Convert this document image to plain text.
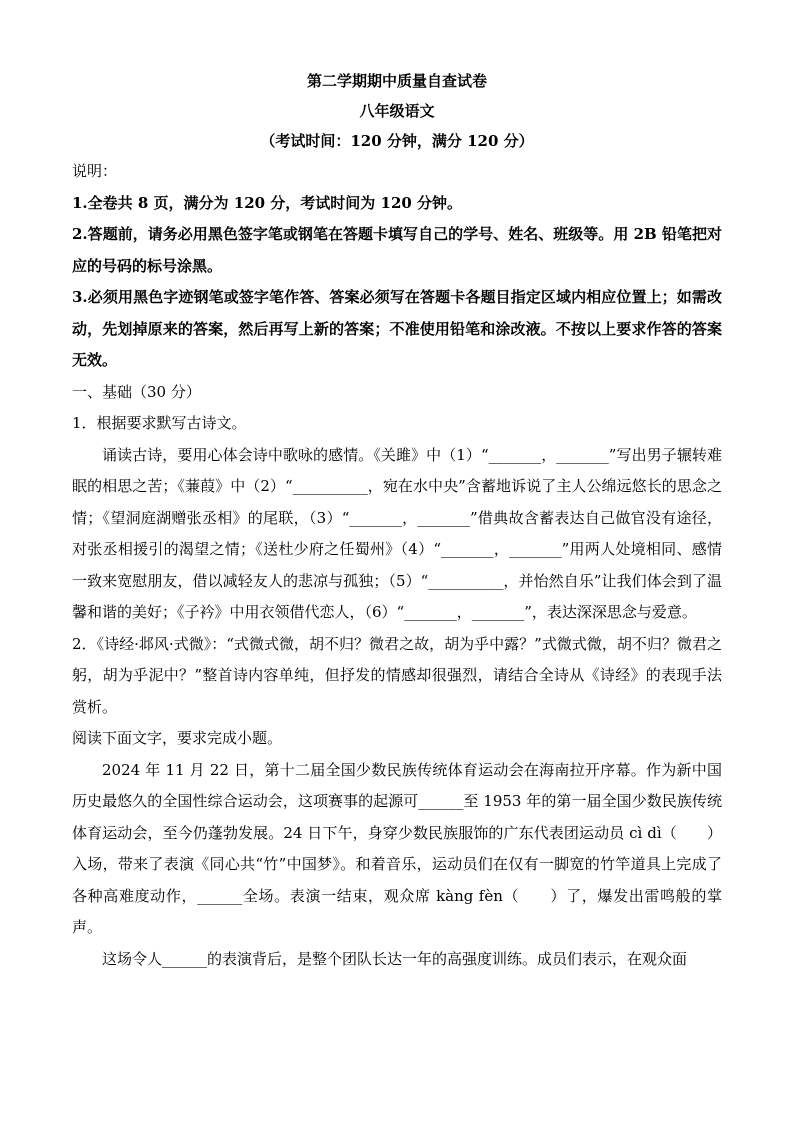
第二学期期中质量自查试卷
八年级语文
（考试时间：120 分钟，满分 120 分）
说明：
1.全卷共 8 页，满分为 120 分，考试时间为 120 分钟。
2.答题前，请务必用黑色签字笔或钢笔在答题卡填写自己的学号、姓名、班级等。用 2B 铅笔把对应的号码的标号涂黑。
3.必须用黑色字迹钢笔或签字笔作答、答案必须写在答题卡各题目指定区域内相应位置上；如需改动，先划掉原来的答案，然后再写上新的答案；不准使用铅笔和涂改液。不按以上要求作答的答案无效。
一、基础（30 分）
1．根据要求默写古诗文。
诵读古诗，要用心体会诗中歌咏的感情。《关雎》中（1）“_______，_______”写出男子辗转难眠的相思之苦；《蒹葭》中（2）“__________，宛在水中央”含蓄地诉说了主人公绵远悠长的思念之情；《望洞庭湖赠张丞相》的尾联，（3）“_______，_______”借典故含蓄表达自己做官没有途径，对张丞相援引的渴望之情；《送杜少府之任蜀州》（4）“_______，_______”用两人处境相同、感情一致来宽慰朋友，借以减轻友人的悲凉与孤独；（5）“__________，并怡然自乐”让我们体会到了温馨和谐的美好；《子衿》中用衣领借代恋人，（6）“_______，_______”，表达深深思念与爱意。
2．《诗经·邶风·式微》：“式微式微，胡不归？微君之故，胡为乎中露？”式微式微，胡不归？微君之躬，胡为乎泥中？”整首诗内容单纯，但抒发的情感却很强烈，请结合全诗从《诗经》的表现手法赏析。
阅读下面文字，要求完成小题。
2024 年 11 月 22 日，第十二届全国少数民族传统体育运动会在海南拉开序幕。作为新中国历史最悠久的全国性综合运动会，这项赛事的起源可______至 1953 年的第一届全国少数民族传统体育运动会，至今仍蓬勃发展。24 日下午，身穿少数民族服饰的广东代表团运动员 cì dì（　　）入场，带来了表演《同心共“竹”中国梦》。和着音乐，运动员们在仅有一脚宽的竹竿道具上完成了各种高难度动作，______全场。表演一结束，观众席 kàng fèn（　　）了，爆发出雷鸣般的掌声。
这场令人______的表演背后，是整个团队长达一年的高强度训练。成员们表示，在观众面
